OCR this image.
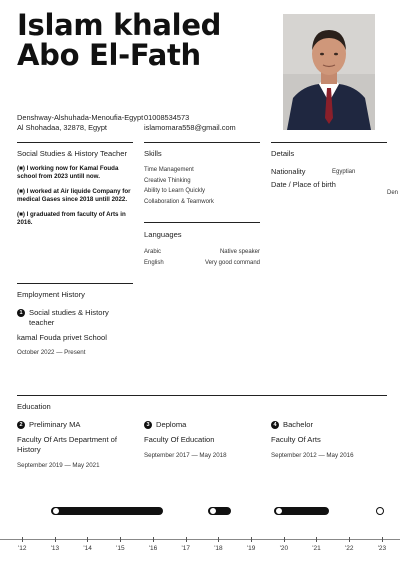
Islam khaled
Abo El-Fath
Denshway-Alshuhada-Menoufia-Egypt
Al Shohadaa, 32878, Egypt
01008534573
islamomara558@gmail.com
Social Studies & History Teacher
(■) I working now for Kamal Fouda school from 2023 untill now.
(■) I worked at Air liquide Company for medical Gases since 2018 untill 2022.
(■) I graduated from faculty of Arts in 2016.
Skills
Time Management
Creative Thinking
Ability to Learn Quickly
Collaboration & Teamwork
Languages
Arabic	Native speaker
English	Very good command
Details
Nationality	Egyptian
Date / Place of birth
Den
Employment History
1 Social studies & History teacher
kamal Fouda privet School
October 2022 — Present
Education
2 Preliminary MA
Faculty Of Arts Department of History
September 2019 — May 2021
3 Deploma
Faculty Of Education
September 2017 — May 2018
4 Bachelor
Faculty Of Arts
September 2012 — May 2016
'12	'13	'14	'15	'16	'17	'18	'19	'20	'21	'22	'23
